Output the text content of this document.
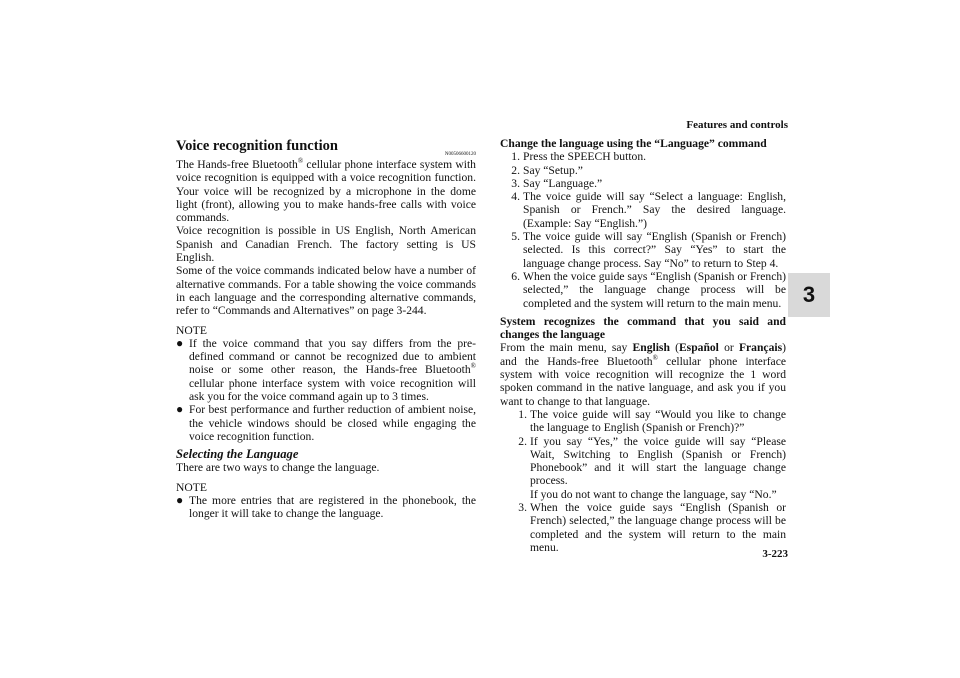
Features and controls
3
3-223
Voice recognition function
N00506600120

The Hands-free Bluetooth® cellular phone interface system with voice recognition is equipped with a voice recognition function. Your voice will be recognized by a microphone in the dome light (front), allowing you to make hands-free calls with voice commands.

Voice recognition is possible in US English, North American Spanish and Canadian French. The factory setting is US English.

Some of the voice commands indicated below have a number of alternative commands. For a table showing the voice commands in each language and the corresponding alternative commands, refer to “Commands and Alternatives” on page 3-244.

NOTE
● If the voice command that you say differs from the pre-defined command or cannot be recognized due to ambient noise or some other reason, the Hands-free Bluetooth® cellular phone interface system with voice recognition will ask you for the voice command again up to 3 times.
● For best performance and further reduction of ambient noise, the vehicle windows should be closed while engaging the voice recognition function.
Selecting the Language

There are two ways to change the language.

NOTE
● The more entries that are registered in the phonebook, the longer it will take to change the language.
Change the language using the “Language” command
1. Press the SPEECH button.
2. Say “Setup.”
3. Say “Language.”
4. The voice guide will say “Select a language: English, Spanish or French.” Say the desired language. (Example: Say “English.”)
5. The voice guide will say “English (Spanish or French) selected. Is this correct?” Say “Yes” to start the language change process. Say “No” to return to Step 4.
6. When the voice guide says “English (Spanish or French) selected,” the language change process will be completed and the system will return to the main menu.
System recognizes the command that you said and changes the language

From the main menu, say English (Español or Français) and the Hands-free Bluetooth® cellular phone interface system with voice recognition will recognize the 1 word spoken command in the native language, and ask you if you want to change to that language.

1. The voice guide will say “Would you like to change the language to English (Spanish or French)?”
2. If you say “Yes,” the voice guide will say “Please Wait, Switching to English (Spanish or French) Phonebook” and it will start the language change process.
If you do not want to change the language, say “No.”
3. When the voice guide says “English (Spanish or French) selected,” the language change process will be completed and the system will return to the main menu.
